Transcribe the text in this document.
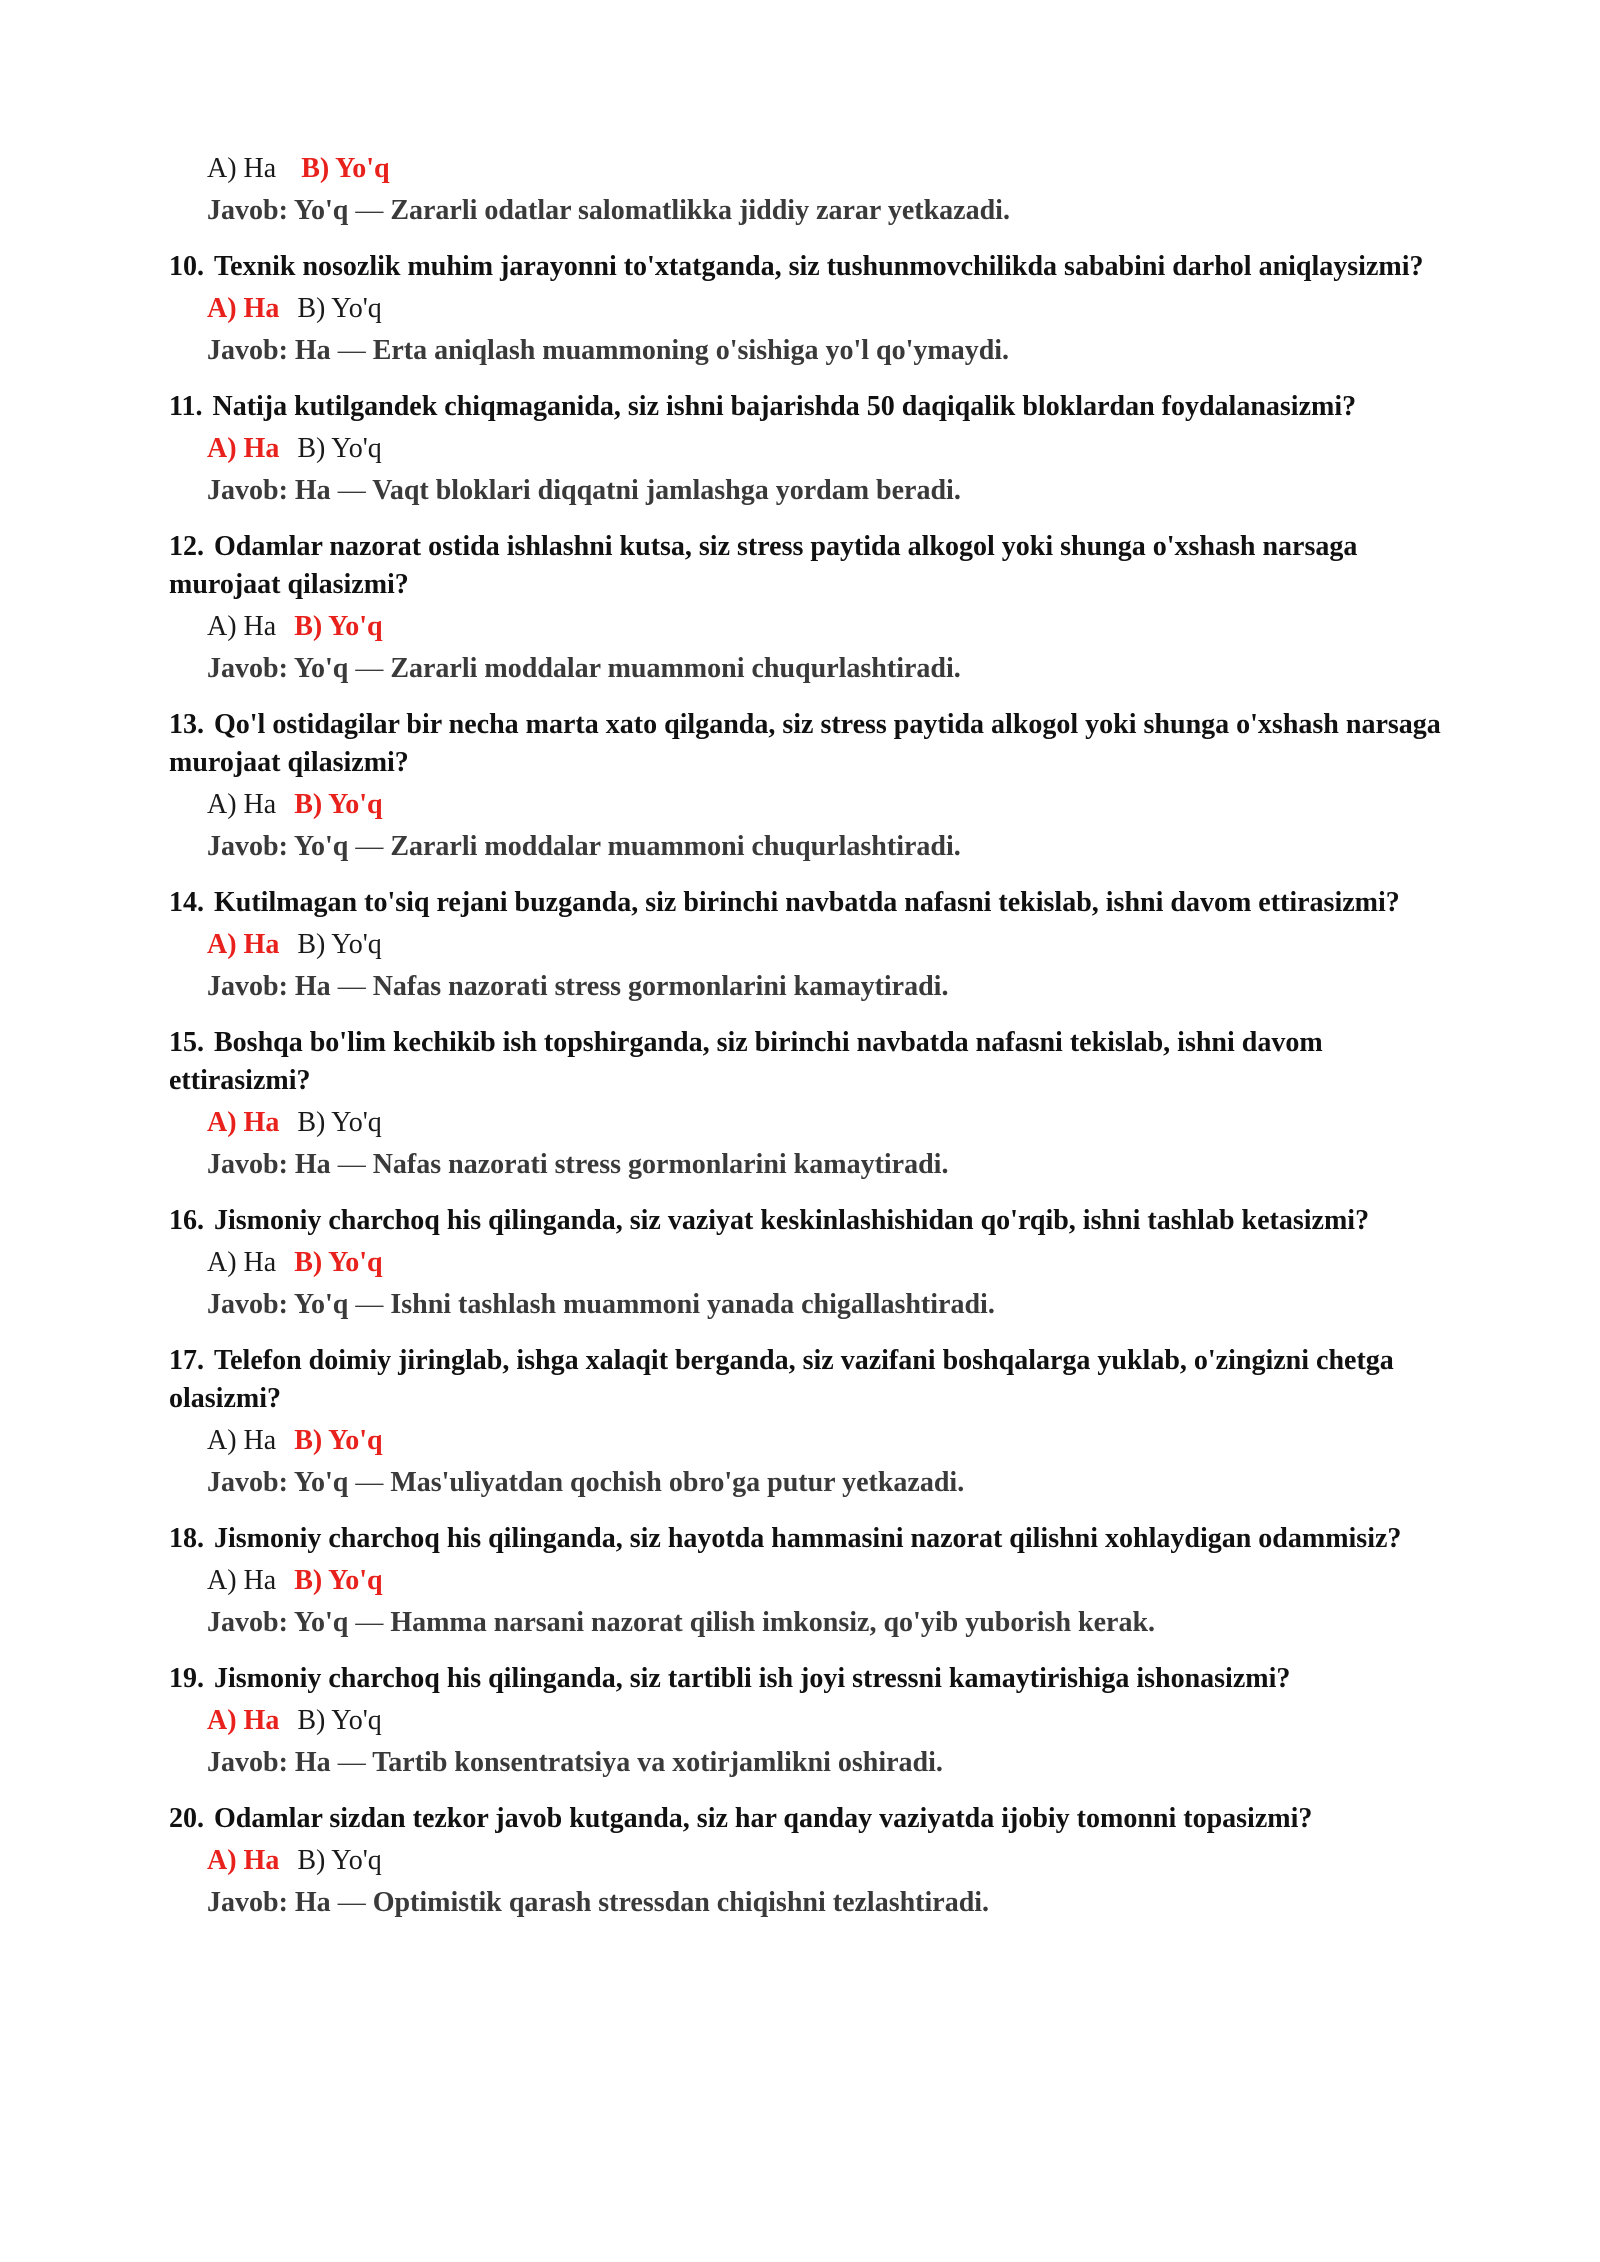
A) Ha B) Yo'q
Javob: Yo'q — Zararli odatlar salomatlikka jiddiy zarar yetkazadi.
10. Texnik nosozlik muhim jarayonni to'xtatganda, siz tushunmovchilikda sababini darhol aniqlaysizmi?
A) Ha B) Yo'q
Javob: Ha — Erta aniqlash muammoning o'sishiga yo'l qo'ymaydi.
11. Natija kutilgandek chiqmaganida, siz ishni bajarishda 50 daqiqalik bloklardan foydalanasizmi?
A) Ha B) Yo'q
Javob: Ha — Vaqt bloklari diqqatni jamlashga yordam beradi.
12. Odamlar nazorat ostida ishlashni kutsa, siz stress paytida alkogol yoki shunga o'xshash narsaga murojaat qilasizmi?
A) Ha B) Yo'q
Javob: Yo'q — Zararli moddalar muammoni chuqurlashtiradi.
13. Qo'l ostidagilar bir necha marta xato qilganda, siz stress paytida alkogol yoki shunga o'xshash narsaga murojaat qilasizmi?
A) Ha B) Yo'q
Javob: Yo'q — Zararli moddalar muammoni chuqurlashtiradi.
14. Kutilmagan to'siq rejani buzganda, siz birinchi navbatda nafasni tekislab, ishni davom ettirasizmi?
A) Ha B) Yo'q
Javob: Ha — Nafas nazorati stress gormonlarini kamaytiradi.
15. Boshqa bo'lim kechikib ish topshirganda, siz birinchi navbatda nafasni tekislab, ishni davom ettirasizmi?
A) Ha B) Yo'q
Javob: Ha — Nafas nazorati stress gormonlarini kamaytiradi.
16. Jismoniy charchoq his qilinganda, siz vaziyat keskinlashishidan qo'rqib, ishni tashlab ketasizmi?
A) Ha B) Yo'q
Javob: Yo'q — Ishni tashlash muammoni yanada chigallashtiradi.
17. Telefon doimiy jiringlab, ishga xalaqit berganda, siz vazifani boshqalarga yuklab, o'zingizni chetga olasizmi?
A) Ha B) Yo'q
Javob: Yo'q — Mas'uliyatdan qochish obro'ga putur yetkazadi.
18. Jismoniy charchoq his qilinganda, siz hayotda hammasini nazorat qilishni xohlaydigan odammisiz?
A) Ha B) Yo'q
Javob: Yo'q — Hamma narsani nazorat qilish imkonsiz, qo'yib yuborish kerak.
19. Jismoniy charchoq his qilinganda, siz tartibli ish joyi stressni kamaytirishiga ishonasizmi?
A) Ha B) Yo'q
Javob: Ha — Tartib konsentratsiya va xotirjamlikni oshiradi.
20. Odamlar sizdan tezkor javob kutganda, siz har qanday vaziyatda ijobiy tomonni topasizmi?
A) Ha B) Yo'q
Javob: Ha — Optimistik qarash stressdan chiqishni tezlashtiradi.
